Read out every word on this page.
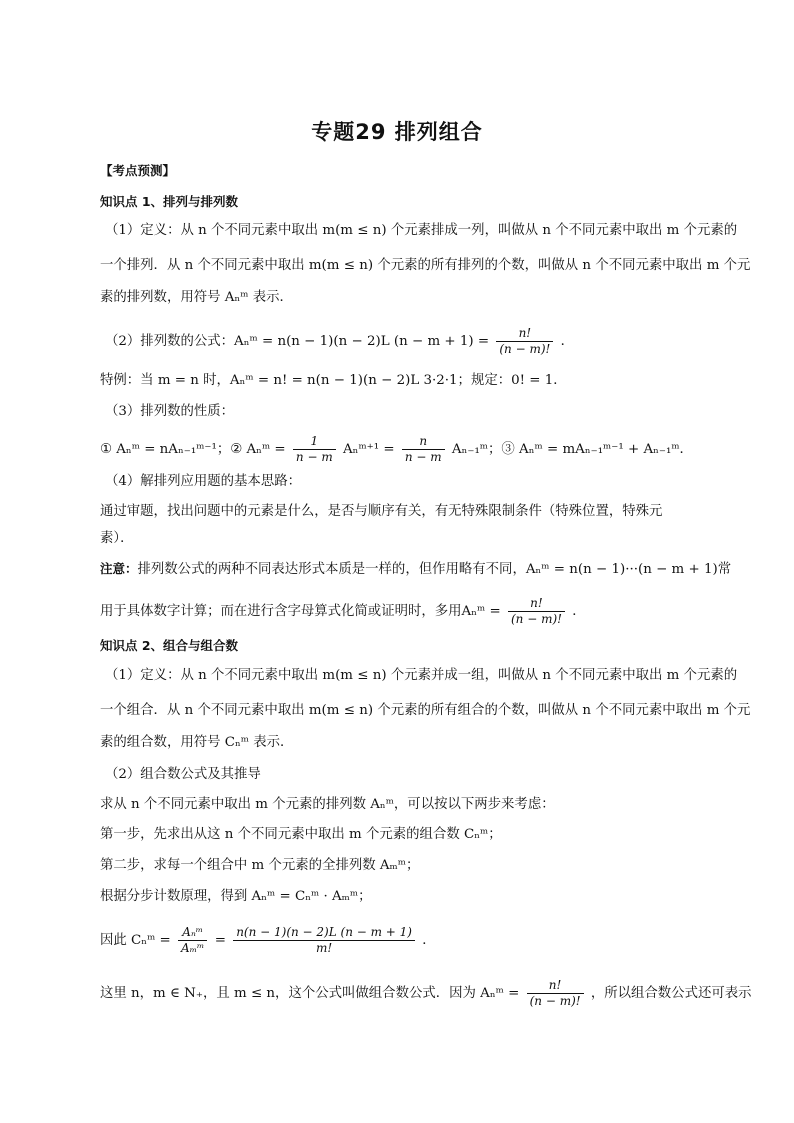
专题29 排列组合
【考点预测】
知识点 1、排列与排列数
（1）定义：从 n 个不同元素中取出 m(m ≤ n) 个元素排成一列，叫做从 n 个不同元素中取出 m 个元素的
一个排列．从 n 个不同元素中取出 m(m ≤ n) 个元素的所有排列的个数，叫做从 n 个不同元素中取出 m 个元
素的排列数，用符号 Aₙᵐ 表示．
（2）排列数的公式：Aₙᵐ = n(n − 1)(n − 2)L $(n - m + 1) = \frac{n!}{(n - m)!}$ ．
特例：当 m = n 时，Aₙᵐ = n! = n(n − 1)(n − 2)L 3·2·1；规定：0! = 1．
（3）排列数的性质：
① Aₙᵐ = nAₙ₋₁ᵐ⁻¹；② Aₙᵐ = $\frac{1}{n - m}$ Aₙᵐ⁺¹ = $\frac{n}{n - m}$ Aₙ₋₁ᵐ；③ Aₙᵐ = mAₙ₋₁ᵐ⁻¹ + Aₙ₋₁ᵐ．
（4）解排列应用题的基本思路：
通过审题，找出问题中的元素是什么，是否与顺序有关，有无特殊限制条件（特殊位置，特殊元
素）．
注意：排列数公式的两种不同表达形式本质是一样的，但作用略有不同，Aₙᵐ = n(n − 1)···(n − m + 1)常
用于具体数字计算；而在进行含字母算式化简或证明时，多用Aₙᵐ = $\frac{n!}{(n - m)!}$ ．
知识点 2、组合与组合数
（1）定义：从 n 个不同元素中取出 m(m ≤ n) 个元素并成一组，叫做从 n 个不同元素中取出 m 个元素的
一个组合．从 n 个不同元素中取出 m(m ≤ n) 个元素的所有组合的个数，叫做从 n 个不同元素中取出 m 个元
素的组合数，用符号 Cₙᵐ 表示．
（2）组合数公式及其推导
求从 n 个不同元素中取出 m 个元素的排列数 Aₙᵐ，可以按以下两步来考虑：
第一步，先求出从这 n 个不同元素中取出 m 个元素的组合数 Cₙᵐ；
第二步，求每一个组合中 m 个元素的全排列数 Aₘᵐ；
根据分步计数原理，得到 Aₙᵐ = Cₙᵐ · Aₘᵐ；
因此 Cₙᵐ = $\frac{\text{Aₙᵐ}}{\text{Aₘᵐ}} = \frac{n(n - 1)(n - 2)L (n - m + 1)}{m!}$ ．
这里 n，m ∈ N₊，且 m ≤ n，这个公式叫做组合数公式．因为 Aₙᵐ = $\frac{n!}{(n - m)!}$ ，所以组合数公式还可表示
